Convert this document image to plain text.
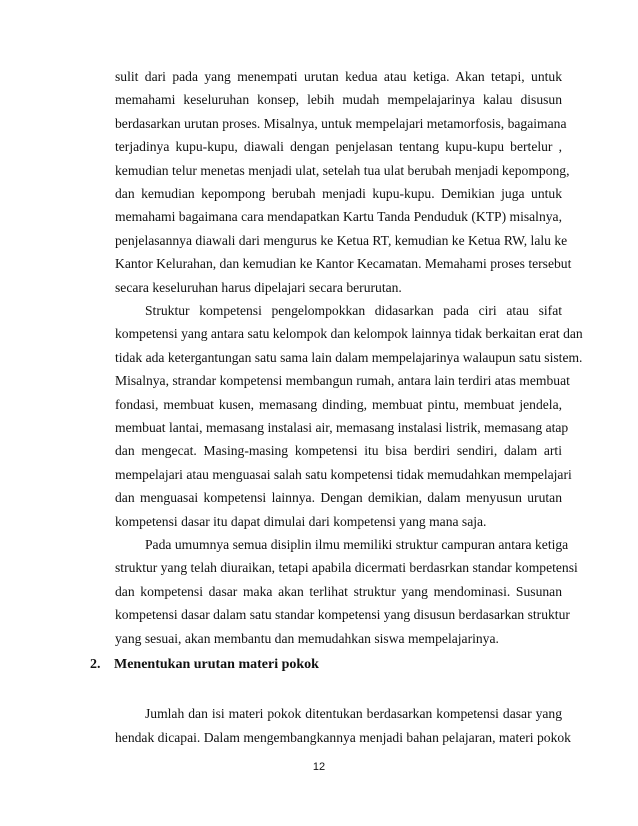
sulit dari pada yang menempati urutan kedua atau ketiga. Akan tetapi, untuk
memahami keseluruhan konsep, lebih mudah mempelajarinya kalau disusun
berdasarkan urutan proses. Misalnya, untuk mempelajari metamorfosis, bagaimana
terjadinya kupu-kupu, diawali dengan penjelasan tentang kupu-kupu bertelur ,
kemudian telur menetas menjadi ulat, setelah tua ulat berubah menjadi kepompong,
dan kemudian kepompong berubah menjadi kupu-kupu. Demikian juga untuk
memahami bagaimana cara mendapatkan Kartu Tanda Penduduk (KTP) misalnya,
penjelasannya diawali dari mengurus ke Ketua RT, kemudian ke Ketua RW, lalu ke
Kantor Kelurahan, dan kemudian ke Kantor Kecamatan. Memahami proses tersebut
secara keseluruhan harus dipelajari secara berurutan.
Struktur kompetensi pengelompokkan didasarkan pada ciri atau sifat
kompetensi yang antara satu kelompok dan kelompok lainnya tidak berkaitan erat dan
tidak ada ketergantungan satu sama lain dalam mempelajarinya walaupun satu sistem.
Misalnya, strandar kompetensi membangun rumah, antara lain terdiri atas membuat
fondasi, membuat kusen, memasang dinding, membuat pintu, membuat jendela,
membuat lantai, memasang instalasi air, memasang instalasi listrik, memasang atap
dan mengecat. Masing-masing kompetensi itu bisa berdiri sendiri, dalam arti
mempelajari atau menguasai salah satu kompetensi tidak memudahkan mempelajari
dan menguasai kompetensi lainnya. Dengan demikian, dalam menyusun urutan
kompetensi dasar itu dapat dimulai dari kompetensi yang mana saja.
Pada umumnya semua disiplin ilmu memiliki struktur campuran antara ketiga
struktur yang telah diuraikan, tetapi apabila dicermati berdasrkan standar kompetensi
dan kompetensi dasar maka akan terlihat struktur yang mendominasi. Susunan
kompetensi dasar dalam satu standar kompetensi yang disusun berdasarkan struktur
yang sesuai, akan membantu dan memudahkan siswa mempelajarinya.
2. Menentukan urutan materi pokok
Jumlah dan isi materi pokok ditentukan berdasarkan kompetensi dasar yang
hendak dicapai. Dalam mengembangkannya menjadi bahan pelajaran, materi pokok
12
